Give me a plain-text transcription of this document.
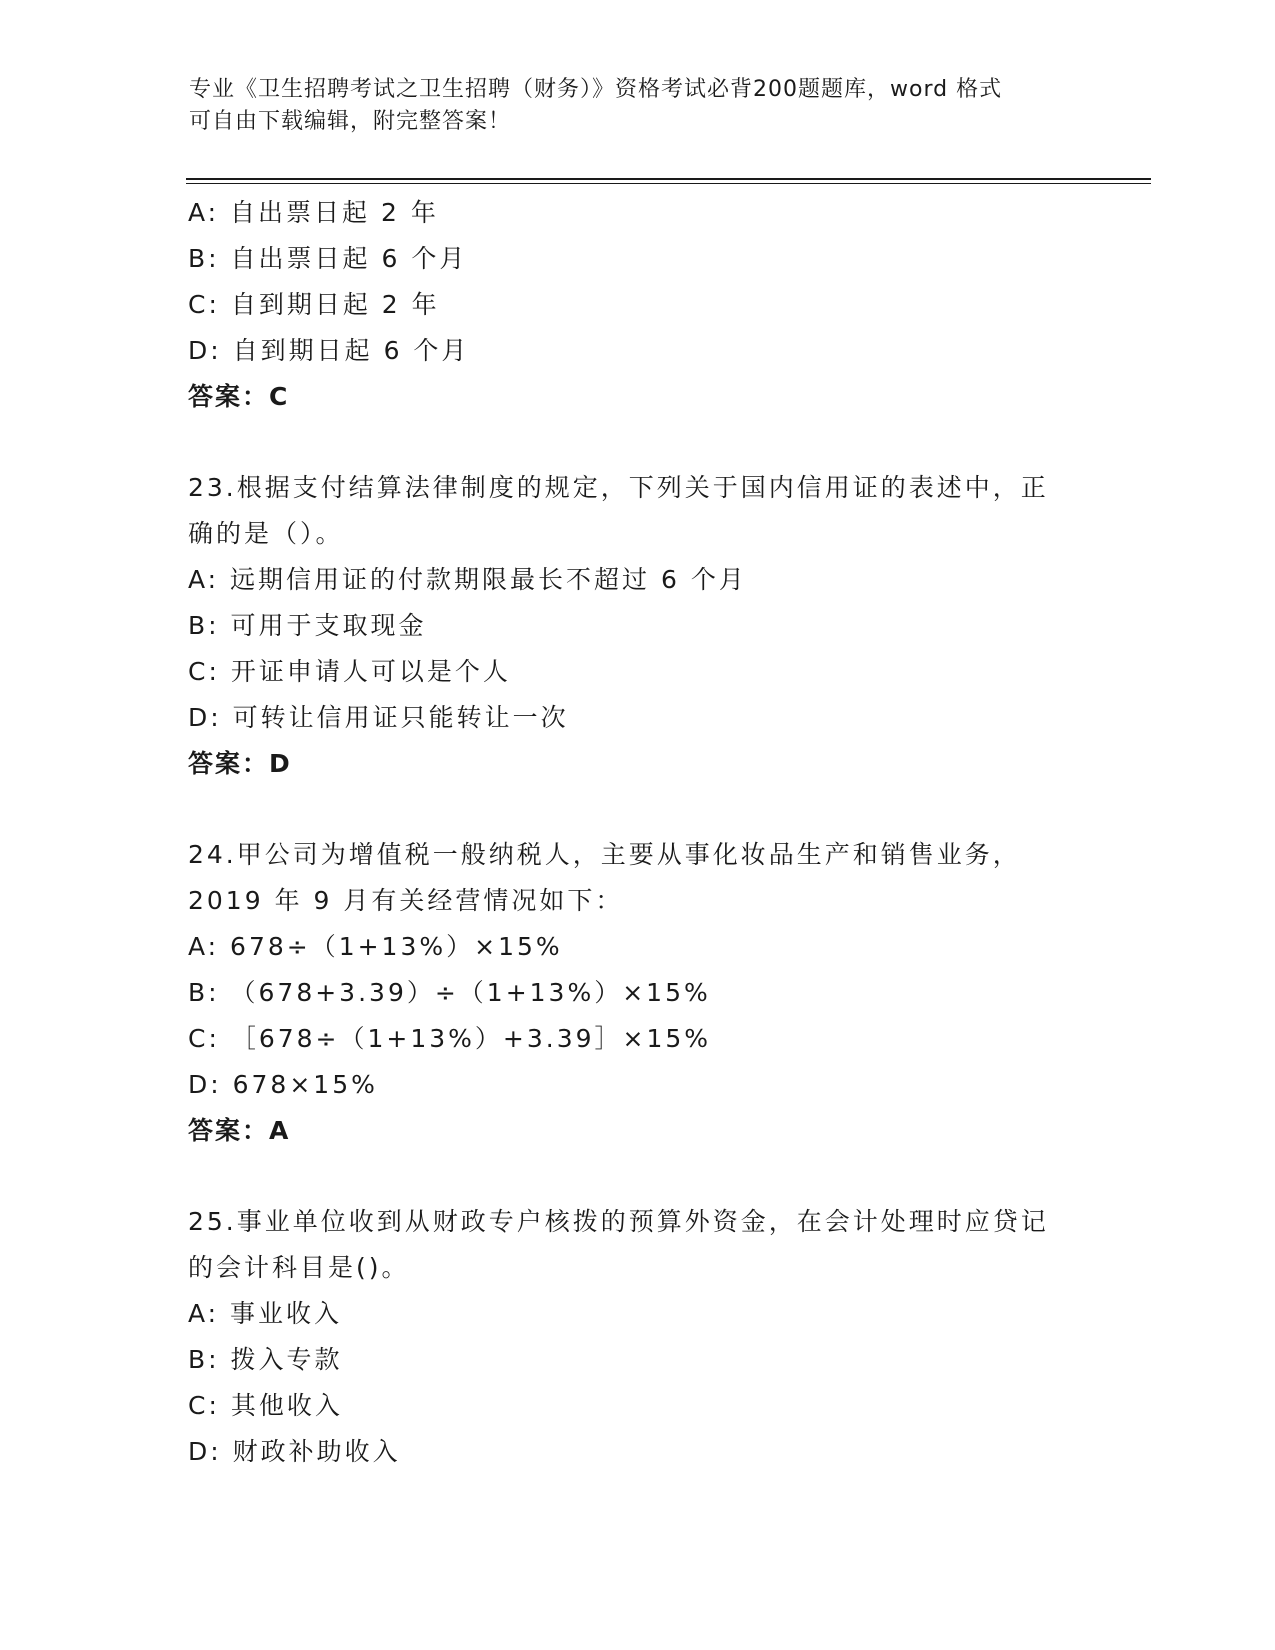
专业《卫生招聘考试之卫生招聘（财务）》资格考试必背200题题库，word 格式
可自由下载编辑，附完整答案！
A: 自出票日起 2 年
B: 自出票日起 6 个月
C: 自到期日起 2 年
D: 自到期日起 6 个月
答案：C
23.根据支付结算法律制度的规定，下列关于国内信用证的表述中，正
确的是（）。
A: 远期信用证的付款期限最长不超过 6 个月
B: 可用于支取现金
C: 开证申请人可以是个人
D: 可转让信用证只能转让一次
答案：D
24.甲公司为增值税一般纳税人，主要从事化妆品生产和销售业务，
2019 年 9 月有关经营情况如下：
A: 678÷（1+13%）×15%
B: （678+3.39）÷（1+13%）×15%
C: ［678÷（1+13%）+3.39］×15%
D: 678×15%
答案：A
25.事业单位收到从财政专户核拨的预算外资金，在会计处理时应贷记
的会计科目是()。
A: 事业收入
B: 拨入专款
C: 其他收入
D: 财政补助收入
